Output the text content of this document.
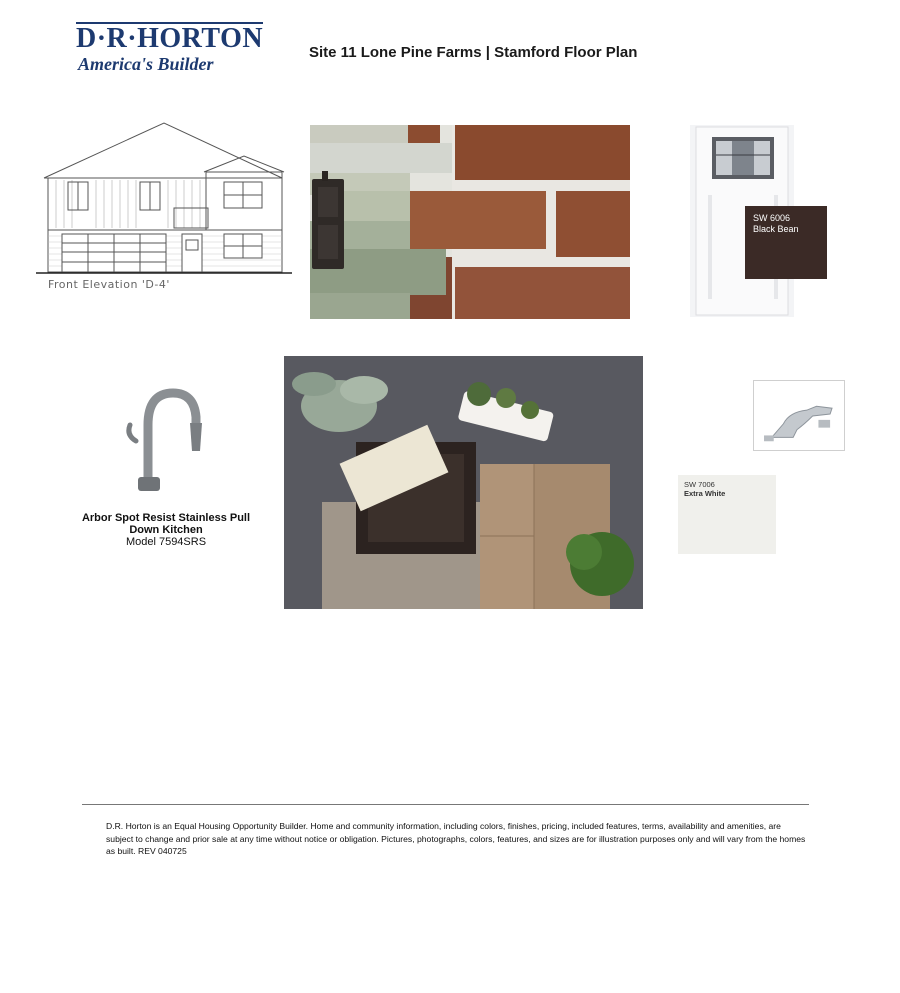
D·R·HORTON
America's Builder
Site 11 Lone Pine Farms | Stamford Floor Plan
Front Elevation 'D-4'
SW 6006
Black Bean
Arbor Spot Resist Stainless Pull Down Kitchen
Model 7594SRS
SW 7006
Extra White
D.R. Horton is an Equal Housing Opportunity Builder. Home and community information, including colors, finishes, pricing, included features, terms, availability and amenities, are subject to change and prior sale at any time without notice or obligation. Pictures, photographs, colors, features, and sizes are for illustration purposes only and will vary from the homes as built. REV 040725
